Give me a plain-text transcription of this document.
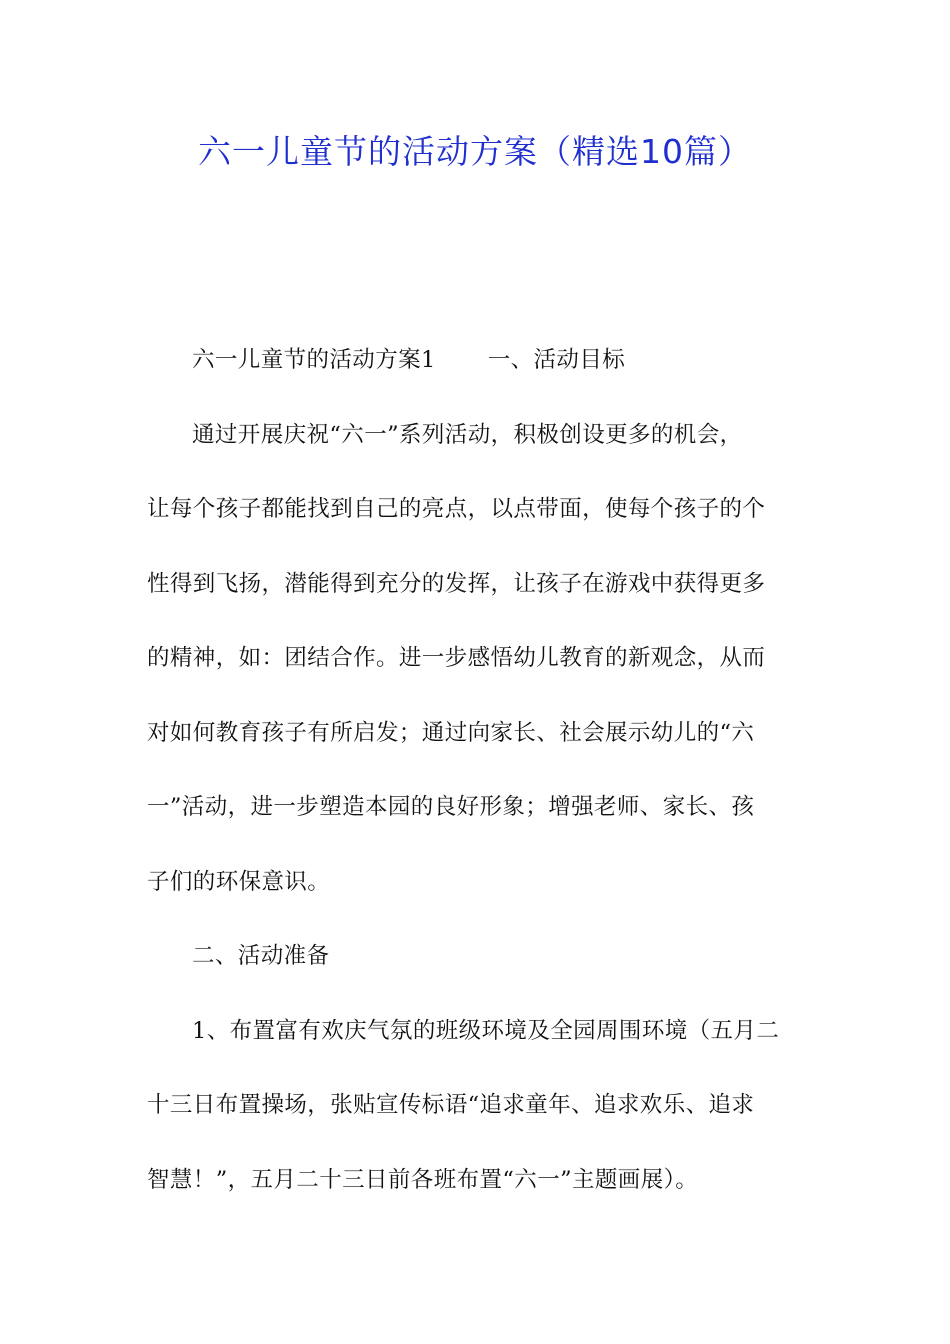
六一儿童节的活动方案（精选10篇）
六一儿童节的活动方案1 一、活动目标
通过开展庆祝“六一”系列活动，积极创设更多的机会，
让每个孩子都能找到自己的亮点，以点带面，使每个孩子的个
性得到飞扬，潜能得到充分的发挥，让孩子在游戏中获得更多
的精神，如：团结合作。进一步感悟幼儿教育的新观念，从而
对如何教育孩子有所启发；通过向家长、社会展示幼儿的“六
一”活动，进一步塑造本园的良好形象；增强老师、家长、孩
子们的环保意识。
二、活动准备
1、布置富有欢庆气氛的班级环境及全园周围环境（五月二
十三日布置操场，张贴宣传标语“追求童年、追求欢乐、追求
智慧！”，五月二十三日前各班布置“六一”主题画展）。
